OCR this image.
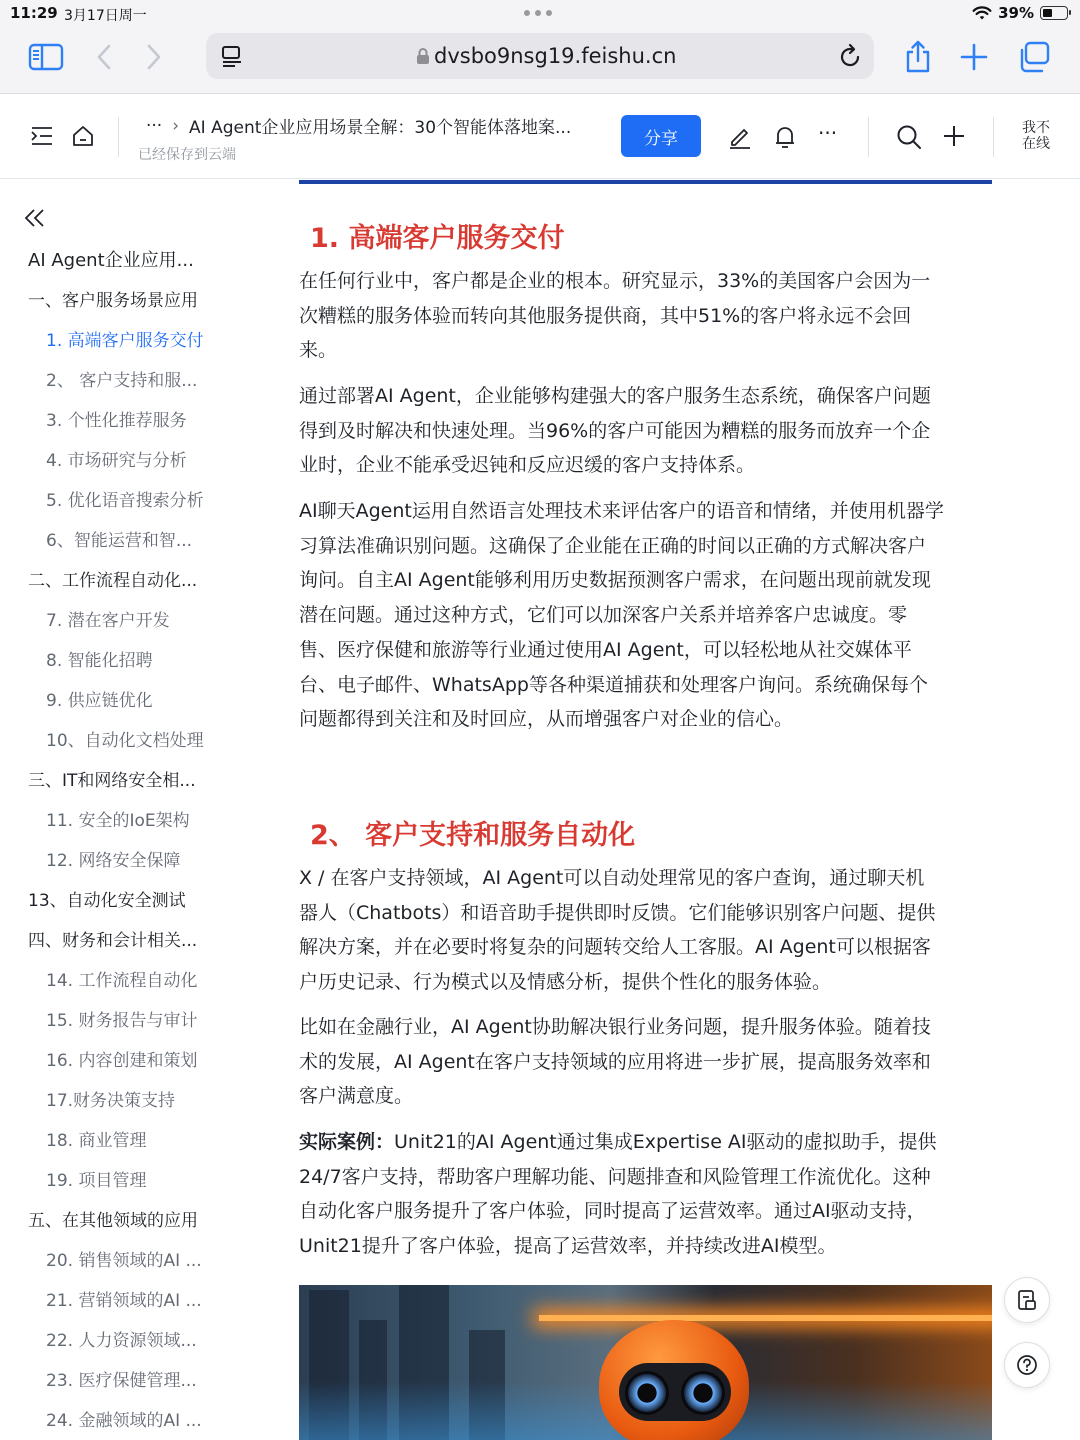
11:29 3月17日周一	39%
dvsbo9nsg19.feishu.cn
··· › AI Agent企业应用场景全解：30个智能体落地案...
已经保存到云端
分享	···	我不在线
AI Agent企业应用...
一、客户服务场景应用
1. 高端客户服务交付
2、 客户支持和服...
3. 个性化推荐服务
4. 市场研究与分析
5. 优化语音搜索分析
6、智能运营和智...
二、工作流程自动化...
7. 潜在客户开发
8. 智能化招聘
9. 供应链优化
10、自动化文档处理
三、IT和网络安全相...
11. 安全的IoE架构
12. 网络安全保障
13、自动化安全测试
四、财务和会计相关...
14. 工作流程自动化
15. 财务报告与审计
16. 内容创建和策划
17.财务决策支持
18. 商业管理
19. 项目管理
五、在其他领域的应用
20. 销售领域的AI ...
21. 营销领域的AI ...
22. 人力资源领域...
23. 医疗保健管理...
24. 金融领域的AI ...
1. 高端客户服务交付
在任何行业中，客户都是企业的根本。研究显示，33%的美国客户会因为一
次糟糕的服务体验而转向其他服务提供商，其中51%的客户将永远不会回
来。
通过部署AI Agent，企业能够构建强大的客户服务生态系统，确保客户问题
得到及时解决和快速处理。当96%的客户可能因为糟糕的服务而放弃一个企
业时，企业不能承受迟钝和反应迟缓的客户支持体系。
AI聊天Agent运用自然语言处理技术来评估客户的语音和情绪，并使用机器学
习算法准确识别问题。这确保了企业能在正确的时间以正确的方式解决客户
询问。自主AI Agent能够利用历史数据预测客户需求，在问题出现前就发现
潜在问题。通过这种方式，它们可以加深客户关系并培养客户忠诚度。零
售、医疗保健和旅游等行业通过使用AI Agent，可以轻松地从社交媒体平
台、电子邮件、WhatsApp等各种渠道捕获和处理客户询问。系统确保每个
问题都得到关注和及时回应，从而增强客户对企业的信心。
2、 客户支持和服务自动化
X / 在客户支持领域，AI Agent可以自动处理常见的客户查询，通过聊天机
器人（Chatbots）和语音助手提供即时反馈。它们能够识别客户问题、提供
解决方案，并在必要时将复杂的问题转交给人工客服。AI Agent可以根据客
户历史记录、行为模式以及情感分析，提供个性化的服务体验。
比如在金融行业，AI Agent协助解决银行业务问题，提升服务体验。随着技
术的发展，AI Agent在客户支持领域的应用将进一步扩展，提高服务效率和
客户满意度。
实际案例：Unit21的AI Agent通过集成Expertise AI驱动的虚拟助手，提供
24/7客户支持，帮助客户理解功能、问题排查和风险管理工作流优化。这种
自动化客户服务提升了客户体验，同时提高了运营效率。通过AI驱动支持，
Unit21提升了客户体验，提高了运营效率，并持续改进AI模型。
